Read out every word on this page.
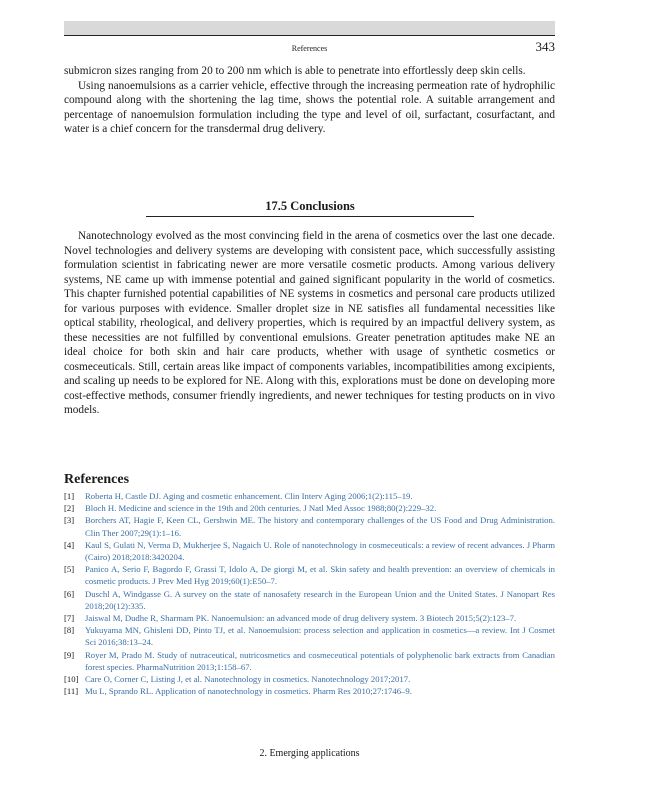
References	343

submicron sizes ranging from 20 to 200 nm which is able to penetrate into effortlessly deep skin cells.

Using nanoemulsions as a carrier vehicle, effective through the increasing permeation rate of hydrophilic compound along with the shortening the lag time, shows the potential role. A suitable arrangement and percentage of nanoemulsion formulation including the type and level of oil, surfactant, cosurfactant, and water is a chief concern for the transdermal drug delivery.

17.5 Conclusions

Nanotechnology evolved as the most convincing field in the arena of cosmetics over the last one decade. Novel technologies and delivery systems are developing with consistent pace, which successfully assisting formulation scientist in fabricating newer are more versatile cosmetic products. Among various delivery systems, NE came up with immense potential and gained significant popularity in the world of cosmetics. This chapter furnished potential capabilities of NE systems in cosmetics and personal care products utilized for various purposes with evidence. Smaller droplet size in NE satisfies all fundamental necessities like optical stability, rheological, and delivery properties, which is required by an impactful delivery system, as these necessities are not fulfilled by conventional emulsions. Greater penetration aptitudes make NE an ideal choice for both skin and hair care products, whether with usage of synthetic cosmetics or cosmeceuticals. Still, certain areas like impact of components variables, incompatibilities among excipients, and scaling up needs to be explored for NE. Along with this, explorations must be done on developing more cost-effective methods, consumer friendly ingredients, and newer techniques for testing products on in vivo models.

References
[1]	Roberta H, Castle DJ. Aging and cosmetic enhancement. Clin Interv Aging 2006;1(2):115–19.
[2]	Bloch H. Medicine and science in the 19th and 20th centuries. J Natl Med Assoc 1988;80(2):229–32.
[3]	Borchers AT, Hagie F, Keen CL, Gershwin ME. The history and contemporary challenges of the US Food and Drug Administration. Clin Ther 2007;29(1):1–16.
[4]	Kaul S, Gulati N, Verma D, Mukherjee S, Nagaich U. Role of nanotechnology in cosmeceuticals: a review of recent advances. J Pharm (Cairo) 2018;2018:3420204.
[5]	Panico A, Serio F, Bagordo F, Grassi T, Idolo A, De giorgi M, et al. Skin safety and health prevention: an overview of chemicals in cosmetic products. J Prev Med Hyg 2019;60(1):E50–7.
[6]	Duschl A, Windgasse G. A survey on the state of nanosafety research in the European Union and the United States. J Nanopart Res 2018;20(12):335.
[7]	Jaiswal M, Dudhe R, Sharmam PK. Nanoemulsion: an advanced mode of drug delivery system. 3 Biotech 2015;5(2):123–7.
[8]	Yukuyama MN, Ghisleni DD, Pinto TJ, et al. Nanoemulsion: process selection and application in cosmetics—a review. Int J Cosmet Sci 2016;38:13–24.
[9]	Royer M, Prado M. Study of nutraceutical, nutricosmetics and cosmeceutical potentials of polyphenolic bark extracts from Canadian forest species. PharmaNutrition 2013;1:158–67.
[10] Care O, Corner C, Listing J, et al. Nanotechnology in cosmetics. Nanotechnology 2017;2017.
[11] Mu L, Sprando RL. Application of nanotechnology in cosmetics. Pharm Res 2010;27:1746–9.
2. Emerging applications
